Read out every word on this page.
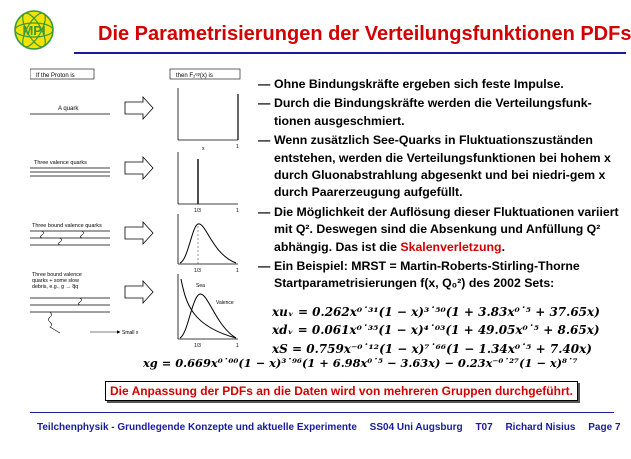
MPI	Die Parametrisierungen der Verteilungsfunktionen PDFs
If the Proton is	then F₂ᵉᵖ(x) is
A quark
x	1
Three valence quarks
1/3	1
Three bound valence quarks
1/3	1
Three bound valence quarks + some slow debris, e.g., g → q̅q
Small x
Sea
Valence
1/3	1
— Ohne Bindungskräfte ergeben sich feste Impulse.
— Durch die Bindungskräfte werden die Verteilungsfunk-tionen ausgeschmiert.
— Wenn zusätzlich See-Quarks in Fluktuationszuständen entstehen, werden die Verteilungsfunktionen bei hohem x durch Gluonabstrahlung abgesenkt und bei niedri-gem x durch Paarerzeugung aufgefüllt.
— Die Möglichkeit der Auflösung dieser Fluktuationen variiert mit Q². Deswegen sind die Absenkung und Anfüllung Q² abhängig. Das ist die Skalenverletzung.
— Ein Beispiel: MRST = Martin-Roberts-Stirling-Thorne Startparametrisierungen f(x, Q₀²) des 2002 Sets:
xuᵥ = 0.262x⁰˙³¹(1 − x)³˙⁵⁰(1 + 3.83x⁰˙⁵ + 37.65x)
xdᵥ = 0.061x⁰˙³⁵(1 − x)⁴˙⁰³(1 + 49.05x⁰˙⁵ + 8.65x)
xS = 0.759x⁻⁰˙¹²(1 − x)⁷˙⁶⁶(1 − 1.34x⁰˙⁵ + 7.40x)
xg = 0.669x⁰˙⁰⁰(1 − x)³˙⁹⁶(1 + 6.98x⁰˙⁵ − 3.63x) − 0.23x⁻⁰˙²⁷(1 − x)⁸˙⁷
Die Anpassung der PDFs an die Daten wird von mehreren Gruppen durchgeführt.
Teilchenphysik - Grundlegende Konzepte und aktuelle Experimente SS04 Uni Augsburg T07 Richard Nisius Page 7
